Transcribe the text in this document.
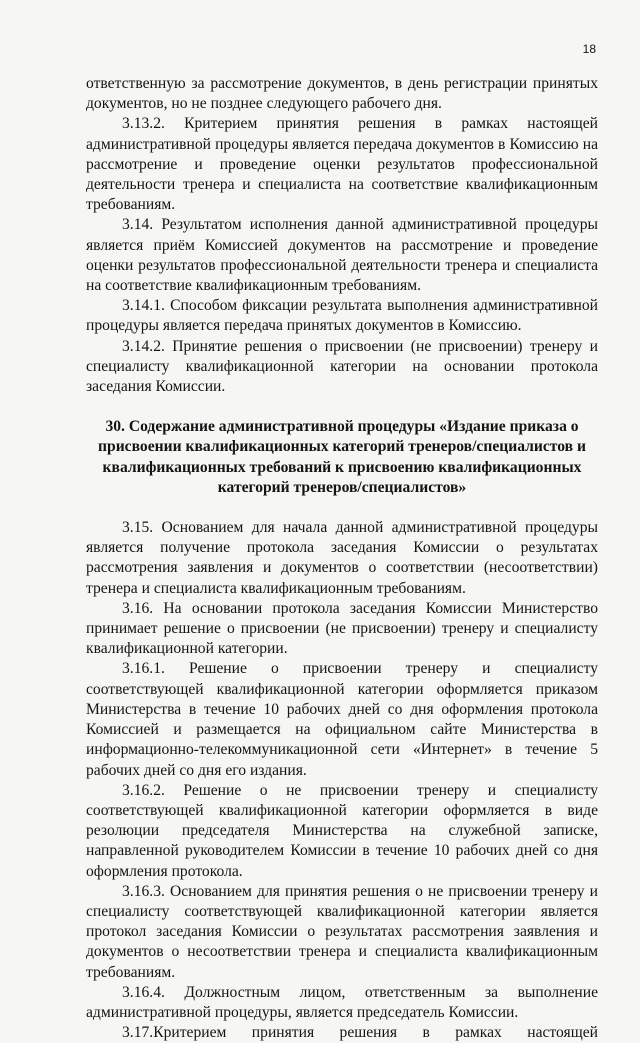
18

ответственную за рассмотрение документов, в день регистрации принятых документов, но не позднее следующего рабочего дня.

3.13.2. Критерием принятия решения в рамках настоящей административной процедуры является передача документов в Комиссию на рассмотрение и проведение оценки результатов профессиональной деятельности тренера и специалиста на соответствие квалификационным требованиям.

3.14. Результатом исполнения данной административной процедуры является приём Комиссией документов на рассмотрение и проведение оценки результатов профессиональной деятельности тренера и специалиста на соответствие квалификационным требованиям.

3.14.1. Способом фиксации результата выполнения административной процедуры является передача принятых документов в Комиссию.

3.14.2. Принятие решения о присвоении (не присвоении) тренеру и специалисту квалификационной категории на основании протокола заседания Комиссии.

30. Содержание административной процедуры «Издание приказа о присвоении квалификационных категорий тренеров/специалистов и квалификационных требований к присвоению квалификационных категорий тренеров/специалистов»

3.15. Основанием для начала данной административной процедуры является получение протокола заседания Комиссии о результатах рассмотрения заявления и документов о соответствии (несоответствии) тренера и специалиста квалификационным требованиям.

3.16. На основании протокола заседания Комиссии Министерство принимает решение о присвоении (не присвоении) тренеру и специалисту квалификационной категории.

3.16.1. Решение о присвоении тренеру и специалисту соответствующей квалификационной категории оформляется приказом Министерства в течение 10 рабочих дней со дня оформления протокола Комиссией и размещается на официальном сайте Министерства в информационно-телекоммуникационной сети «Интернет» в течение 5 рабочих дней со дня его издания.

3.16.2. Решение о не присвоении тренеру и специалисту соответствующей квалификационной категории оформляется в виде резолюции председателя Министерства на служебной записке, направленной руководителем Комиссии в течение 10 рабочих дней со дня оформления протокола.

3.16.3. Основанием для принятия решения о не присвоении тренеру и специалисту соответствующей квалификационной категории является протокол заседания Комиссии о результатах рассмотрения заявления и документов о несоответствии тренера и специалиста квалификационным требованиям.

3.16.4. Должностным лицом, ответственным за выполнение административной процедуры, является председатель Комиссии.

3.17.Критерием принятия решения в рамках настоящей
